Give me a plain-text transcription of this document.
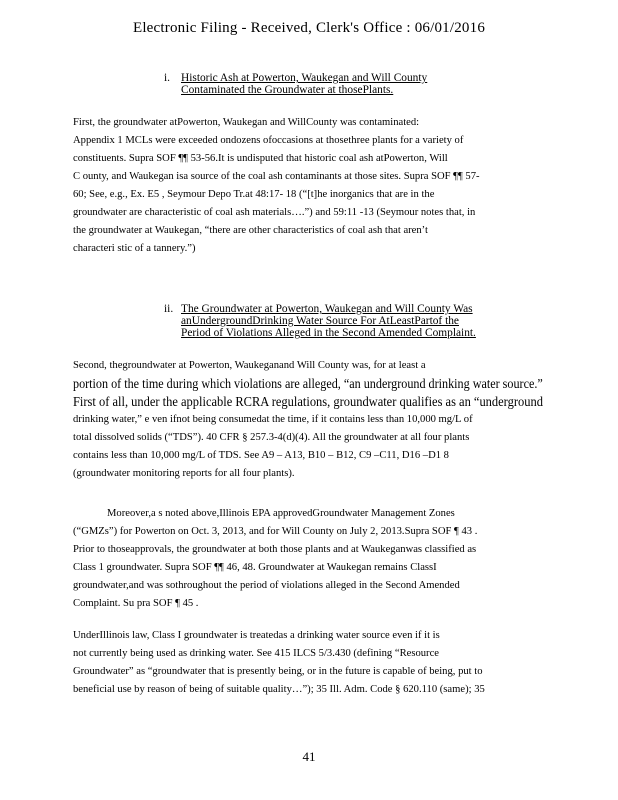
Electronic Filing - Received, Clerk's Office : 06/01/2016
i. Historic Ash at Powerton, Waukegan and Will County
Contaminated the Groundwater at thosePlants.
First, the groundwater atPowerton, Waukegan and WillCounty was contaminated:
Appendix 1 MCLs were exceeded ondozens ofoccasions at thosethree plants for a variety of
constituents. Supra SOF ¶¶ 53-56.It is undisputed that historic coal ash atPowerton, Will
C ounty, and Waukegan isa source of the coal ash contaminants at those sites. Supra SOF ¶¶ 57-
60; See, e.g., Ex. E5 , Seymour Depo Tr.at 48:17- 18 (“[t]he inorganics that are in the
groundwater are characteristic of coal ash materials….”) and 59:11 -13 (Seymour notes that, in
the groundwater at Waukegan, “there are other characteristics of coal ash that aren’t
characteri stic of a tannery.”)
ii. The Groundwater at Powerton, Waukegan and Will County Was
anUndergroundDrinking Water Source For AtLeastPartof the
Period of Violations Alleged in the Second Amended Complaint.
Second, thegroundwater at Powerton, Waukeganand Will County was, for at least a
portion of the time during which violations are alleged, “an underground drinking water source.”
First of all, under the applicable RCRA regulations, groundwater qualifies as an “underground
drinking water,” e ven ifnot being consumedat the time, if it contains less than 10,000 mg/L of
total dissolved solids (“TDS”). 40 CFR § 257.3-4(d)(4). All the groundwater at all four plants
contains less than 10,000 mg/L of TDS. See A9 – A13, B10 – B12, C9 –C11, D16 –D1 8
(groundwater monitoring reports for all four plants).
Moreover,a s noted above,Illinois EPA approvedGroundwater Management Zones
(“GMZs”) for Powerton on Oct. 3, 2013, and for Will County on July 2, 2013.Supra SOF ¶ 43 .
Prior to thoseapprovals, the groundwater at both those plants and at Waukeganwas classified as
Class 1 groundwater. Supra SOF ¶¶ 46, 48. Groundwater at Waukegan remains ClassI
groundwater,and was sothroughout the period of violations alleged in the Second Amended
Complaint. Su pra SOF ¶ 45 .
UnderIllinois law, Class I groundwater is treatedas a drinking water source even if it is
not currently being used as drinking water. See 415 ILCS 5/3.430 (defining “Resource
Groundwater” as “groundwater that is presently being, or in the future is capable of being, put to
beneficial use by reason of being of suitable quality…”); 35 Ill. Adm. Code § 620.110 (same); 35
41
